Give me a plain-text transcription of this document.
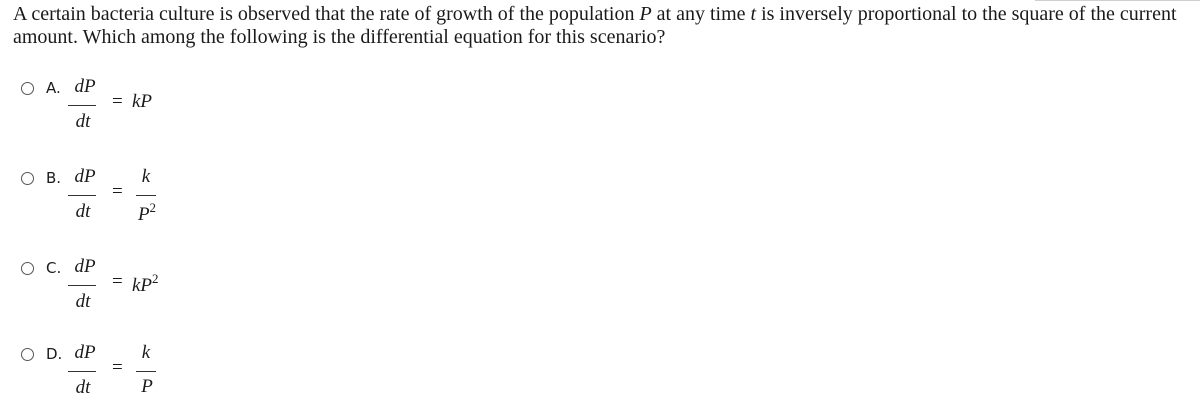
A certain bacteria culture is observed that the rate of growth of the population P at any time t is inversely proportional to the square of the current amount. Which among the following is the differential equation for this scenario?
A. dP
dt
= kP
B. dP
dt
=
k
$P^2$
C. dP
dt
= $kP^2$
D. dP
dt
=
k
P
